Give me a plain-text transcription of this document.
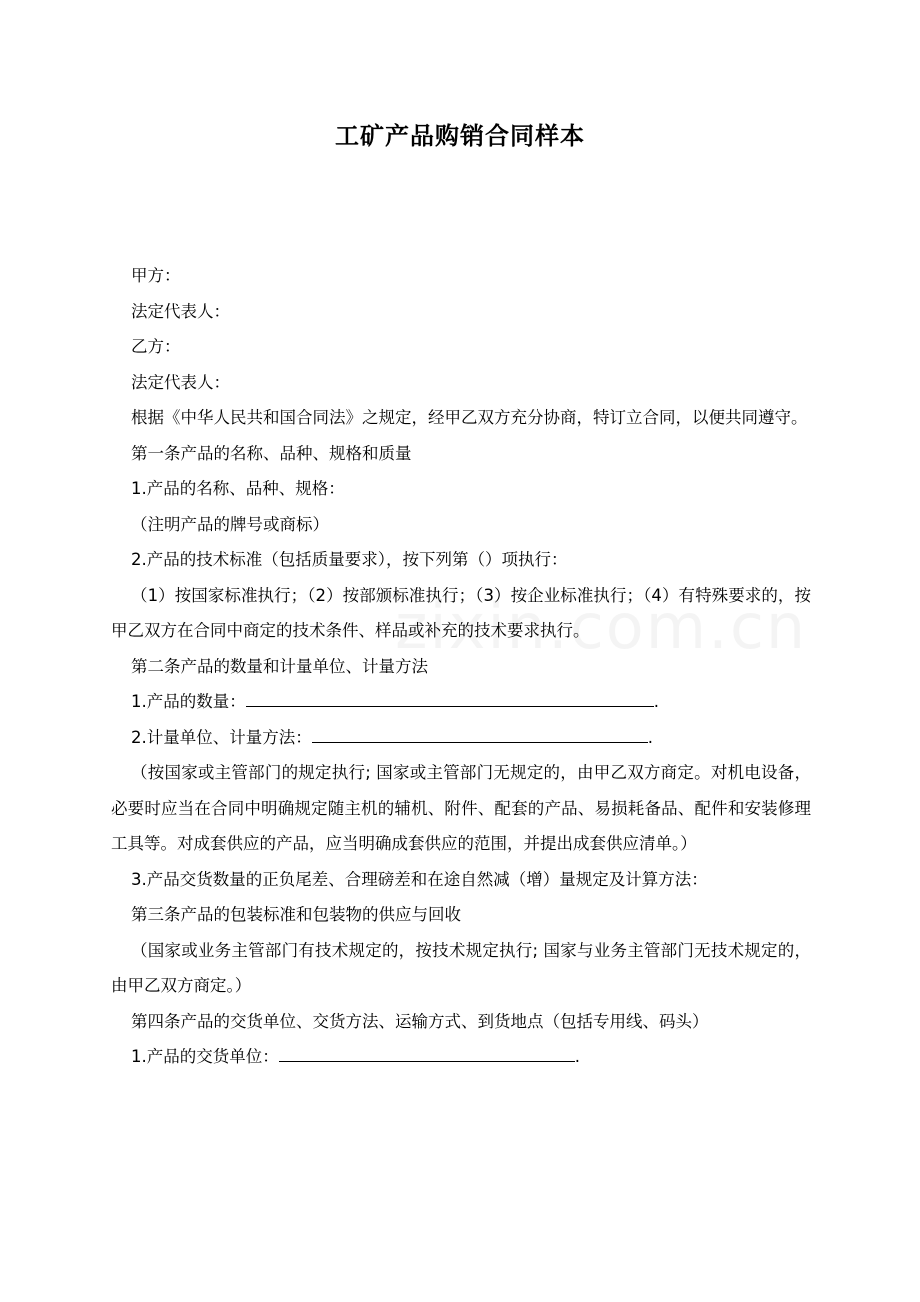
工矿产品购销合同样本

甲方：

法定代表人：

乙方：

法定代表人：

根据《中华人民共和国合同法》之规定，经甲乙双方充分协商，特订立合同，以便共同遵守。

第一条产品的名称、品种、规格和质量

1.产品的名称、品种、规格：

（注明产品的牌号或商标）

2.产品的技术标准（包括质量要求），按下列第（）项执行：

（1）按国家标准执行；（2）按部颁标准执行；（3）按企业标准执行；（4）有特殊要求的，按甲乙双方在合同中商定的技术条件、样品或补充的技术要求执行。

第二条产品的数量和计量单位、计量方法

1.产品的数量：	.

2.计量单位、计量方法：	.

（按国家或主管部门的规定执行; 国家或主管部门无规定的，由甲乙双方商定。对机电设备，必要时应当在合同中明确规定随主机的辅机、附件、配套的产品、易损耗备品、配件和安装修理工具等。对成套供应的产品，应当明确成套供应的范围，并提出成套供应清单。）

3.产品交货数量的正负尾差、合理磅差和在途自然减（增）量规定及计算方法：

第三条产品的包装标准和包装物的供应与回收

（国家或业务主管部门有技术规定的，按技术规定执行; 国家与业务主管部门无技术规定的，由甲乙双方商定。）

第四条产品的交货单位、交货方法、运输方式、到货地点（包括专用线、码头）

1.产品的交货单位：	.
